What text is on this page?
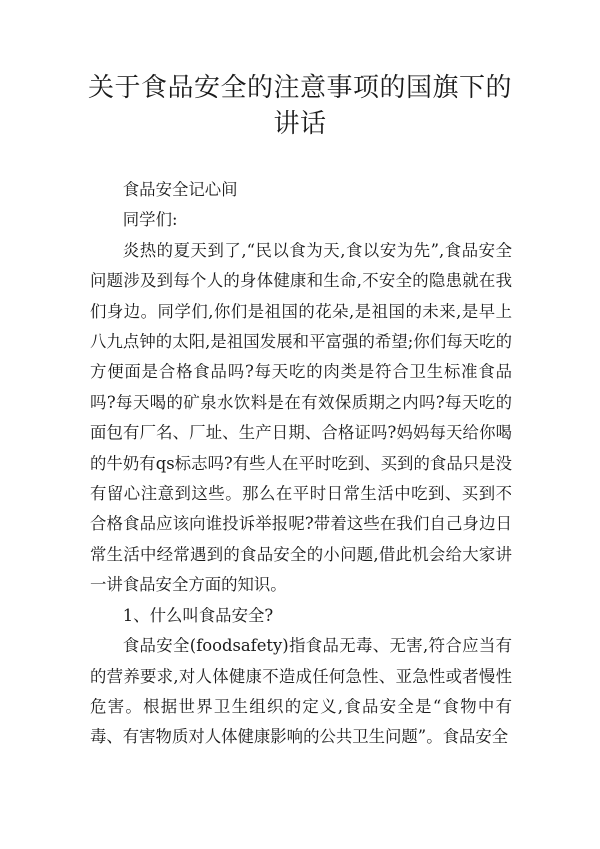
关于食品安全的注意事项的国旗下的讲话

食品安全记心间

同学们:

炎热的夏天到了,“民以食为天,食以安为先”,食品安全问题涉及到每个人的身体健康和生命,不安全的隐患就在我们身边。同学们,你们是祖国的花朵,是祖国的未来,是早上八九点钟的太阳,是祖国发展和平富强的希望;你们每天吃的方便面是合格食品吗?每天吃的肉类是符合卫生标准食品吗?每天喝的矿泉水饮料是在有效保质期之内吗?每天吃的面包有厂名、厂址、生产日期、合格证吗?妈妈每天给你喝的牛奶有qs标志吗?有些人在平时吃到、买到的食品只是没有留心注意到这些。那么在平时日常生活中吃到、买到不合格食品应该向谁投诉举报呢?带着这些在我们自己身边日常生活中经常遇到的食品安全的小问题,借此机会给大家讲一讲食品安全方面的知识。

1、什么叫食品安全?

食品安全(foodsafety)指食品无毒、无害,符合应当有的营养要求,对人体健康不造成任何急性、亚急性或者慢性危害。根据世界卫生组织的定义,食品安全是“食物中有毒、有害物质对人体健康影响的公共卫生问题”。食品安全
